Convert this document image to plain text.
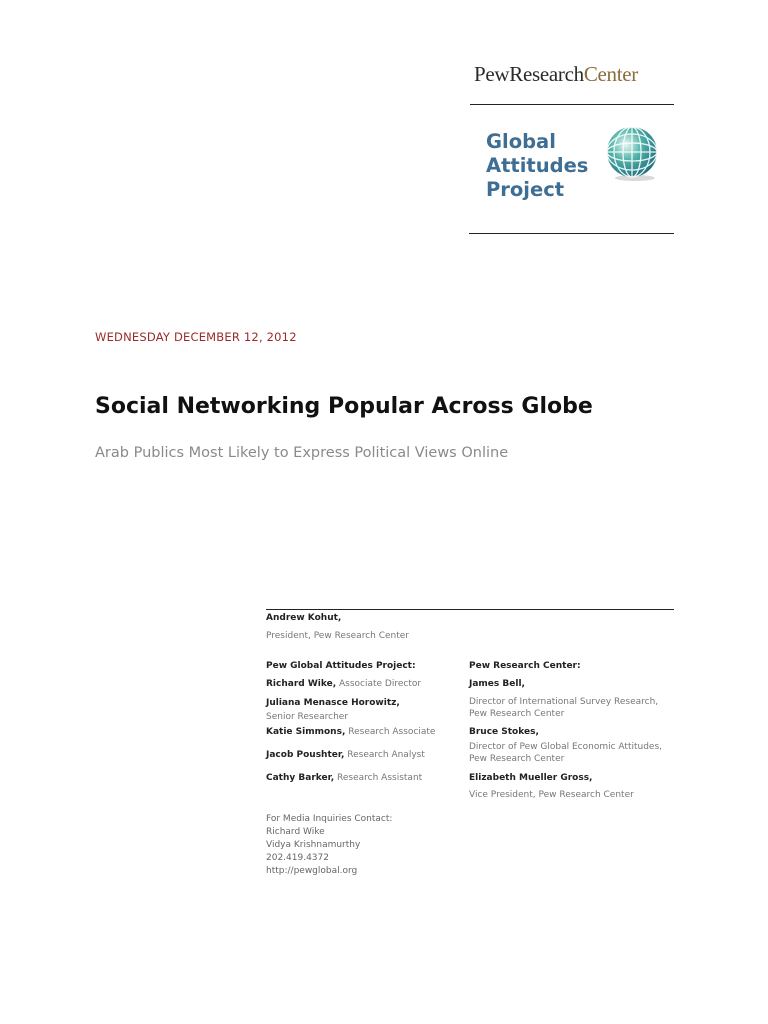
PewResearchCenter
Global
Attitudes
Project
WEDNESDAY DECEMBER 12, 2012
Social Networking Popular Across Globe
Arab Publics Most Likely to Express Political Views Online
Andrew Kohut,
President, Pew Research Center
Pew Global Attitudes Project:
Richard Wike, Associate Director
Juliana Menasce Horowitz,
Senior Researcher
Katie Simmons, Research Associate
Jacob Poushter, Research Analyst
Cathy Barker, Research Assistant
Pew Research Center:
James Bell,
Director of International Survey Research,
Pew Research Center
Bruce Stokes,
Director of Pew Global Economic Attitudes,
Pew Research Center
Elizabeth Mueller Gross,
Vice President, Pew Research Center
For Media Inquiries Contact:
Richard Wike
Vidya Krishnamurthy
202.419.4372
http://pewglobal.org
